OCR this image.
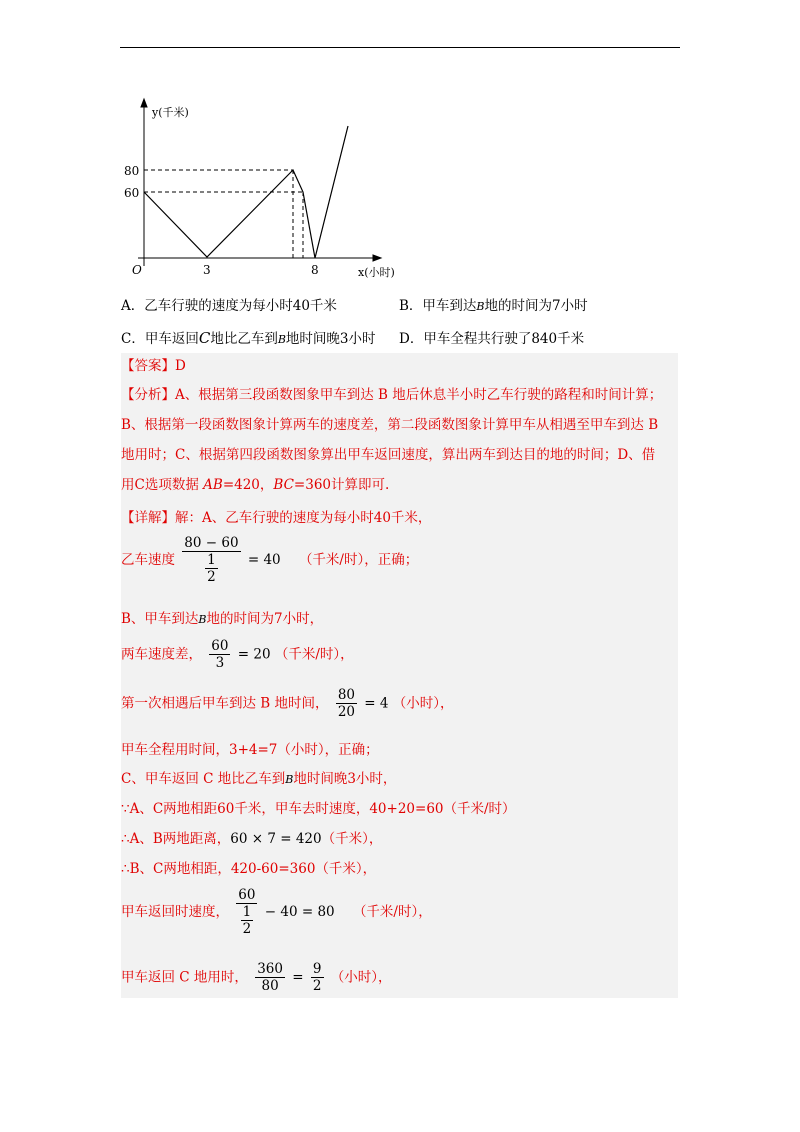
y(千米)
x(小时)
O
80
60
3	8
A．乙车行驶的速度为每小时40千米	B．甲车到达B地的时间为7小时
C．甲车返回C地比乙车到B地时间晚3小时 D．甲车全程共行驶了840千米
【答案】D
【分析】A、根据第三段函数图象甲车到达 B 地后休息半小时乙车行驶的路程和时间计算；
B、根据第一段函数图象计算两车的速度差，第二段函数图象计算甲车从相遇至甲车到达 B
地用时；C、根据第四段函数图象算出甲车返回速度，算出两车到达目的地的时间；D、借
用C选项数据 AB=420，BC=360计算即可.
【详解】解：A、乙车行驶的速度为每小时40千米，
乙车速度 $\frac{80 - 60}{\frac{1}{2}} = 40$ （千米/时），正确；
B、甲车到达B地的时间为7小时，
两车速度差， $\frac{60}{3} = 20$ （千米/时），
第一次相遇后甲车到达 B 地时间， $\frac{80}{20} = 4$ （小时），
甲车全程用时间，3+4=7（小时），正确；
C、甲车返回 C 地比乙车到B地时间晚3小时，
∵A、C两地相距60千米，甲车去时速度，40+20=60（千米/时）
∴A、B两地距离，60 × 7 = 420（千米），
∴B、C两地相距，420-60=360（千米），
甲车返回时速度， $\frac{60}{\frac{1}{2}} - 40 = 80$ （千米/时），
甲车返回 C 地用时， $\frac{360}{80} = \frac{9}{2}$ （小时），
